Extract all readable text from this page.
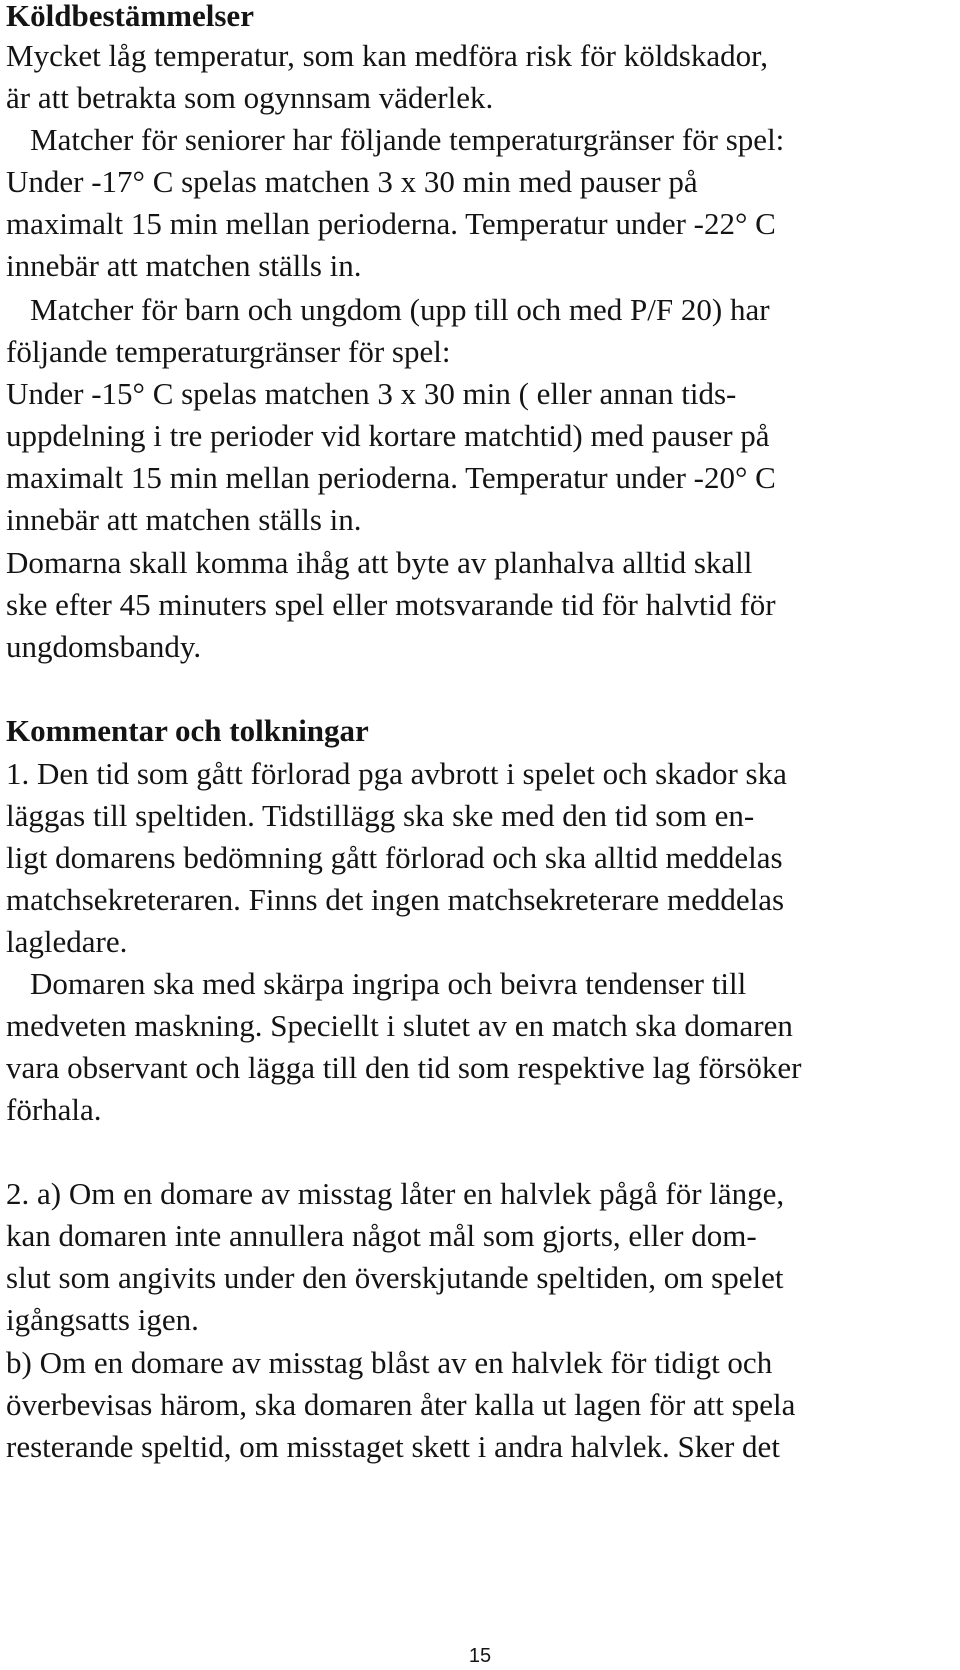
Köldbestämmelser
Mycket låg temperatur, som kan medföra risk för köldskador,
är att betrakta som ogynnsam väderlek.
Matcher för seniorer har följande temperaturgränser för spel:
Under -17° C spelas matchen 3 x 30 min med pauser på
maximalt 15 min mellan perioderna. Temperatur under -22° C
innebär att matchen ställs in.
Matcher för barn och ungdom (upp till och med P/F 20) har
följande temperaturgränser för spel:
Under -15° C spelas matchen 3 x 30 min ( eller annan tids-
uppdelning i tre perioder vid kortare matchtid) med pauser på
maximalt 15 min mellan perioderna. Temperatur under -20° C
innebär att matchen ställs in.
Domarna skall komma ihåg att byte av planhalva alltid skall
ske efter 45 minuters spel eller motsvarande tid för halvtid för
ungdomsbandy.
Kommentar och tolkningar
1. Den tid som gått förlorad pga avbrott i spelet och skador ska
läggas till speltiden. Tidstillägg ska ske med den tid som en-
ligt domarens bedömning gått förlorad och ska alltid meddelas
matchsekreteraren. Finns det ingen matchsekreterare meddelas
lagledare.
Domaren ska med skärpa ingripa och beivra tendenser till
medveten maskning. Speciellt i slutet av en match ska domaren
vara observant och lägga till den tid som respektive lag försöker
förhala.
2. a) Om en domare av misstag låter en halvlek pågå för länge,
kan domaren inte annullera något mål som gjorts, eller dom-
slut som angivits under den överskjutande speltiden, om spelet
igångsatts igen.
b) Om en domare av misstag blåst av en halvlek för tidigt och
överbevisas härom, ska domaren åter kalla ut lagen för att spela
resterande speltid, om misstaget skett i andra halvlek. Sker det
15
